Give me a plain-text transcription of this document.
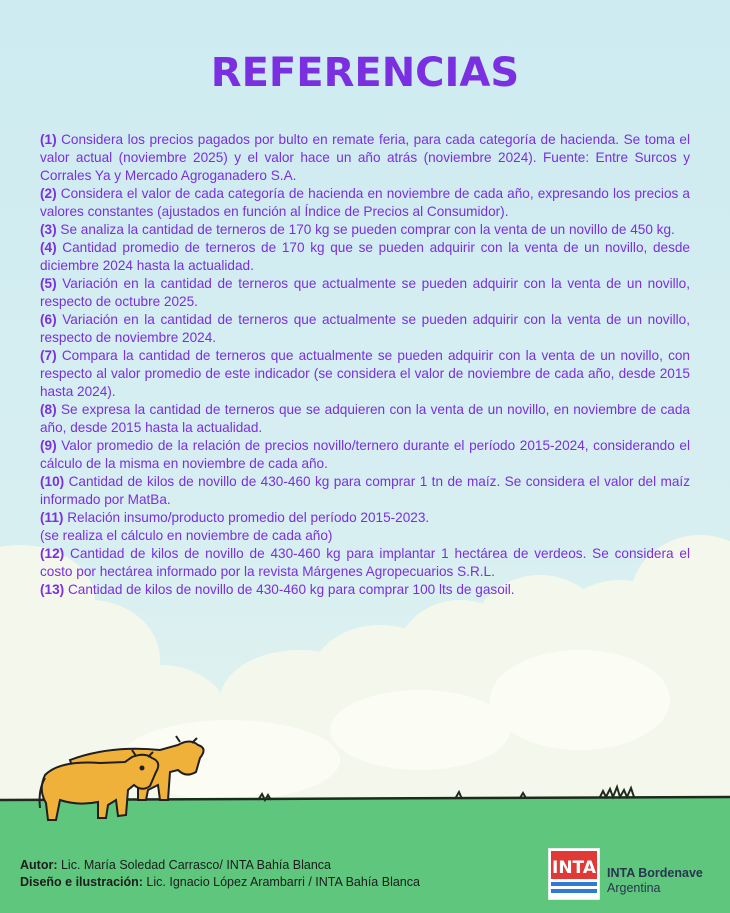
REFERENCIAS
(1) Considera los precios pagados por bulto en remate feria, para cada categoría de hacienda. Se toma el valor actual (noviembre 2025) y el valor hace un año atrás (noviembre 2024). Fuente: Entre Surcos y Corrales Ya y Mercado Agroganadero S.A.
(2) Considera el valor de cada categoría de hacienda en noviembre de cada año, expresando los precios a valores constantes (ajustados en función al Índice de Precios al Consumidor).
(3) Se analiza la cantidad de terneros de 170 kg se pueden comprar con la venta de un novillo de 450 kg.
(4) Cantidad promedio de terneros de 170 kg que se pueden adquirir con la venta de un novillo, desde diciembre 2024 hasta la actualidad.
(5) Variación en la cantidad de terneros que actualmente se pueden adquirir con la venta de un novillo, respecto de octubre 2025.
(6) Variación en la cantidad de terneros que actualmente se pueden adquirir con la venta de un novillo, respecto de noviembre 2024.
(7) Compara la cantidad de terneros que actualmente se pueden adquirir con la venta de un novillo, con respecto al valor promedio de este indicador (se considera el valor de noviembre de cada año, desde 2015 hasta 2024).
(8) Se expresa la cantidad de terneros que se adquieren con la venta de un novillo, en noviembre de cada año, desde 2015 hasta la actualidad.
(9) Valor promedio de la relación de precios novillo/ternero durante el período 2015-2024, considerando el cálculo de la misma en noviembre de cada año.
(10) Cantidad de kilos de novillo de 430-460 kg para comprar 1 tn de maíz. Se considera el valor del maíz informado por MatBa.
(11) Relación insumo/producto promedio del período 2015-2023.
(se realiza el cálculo en noviembre de cada año)
(12) Cantidad de kilos de novillo de 430-460 kg para implantar 1 hectárea de verdeos. Se considera el costo por hectárea informado por la revista Márgenes Agropecuarios S.R.L.
(13) Cantidad de kilos de novillo de 430-460 kg para comprar 100 lts de gasoil.
Autor: Lic. María Soledad Carrasco/ INTA Bahía Blanca
Diseño e ilustración: Lic. Ignacio López Arambarri / INTA Bahía Blanca
INTA INTA Bordenave
Argentina
